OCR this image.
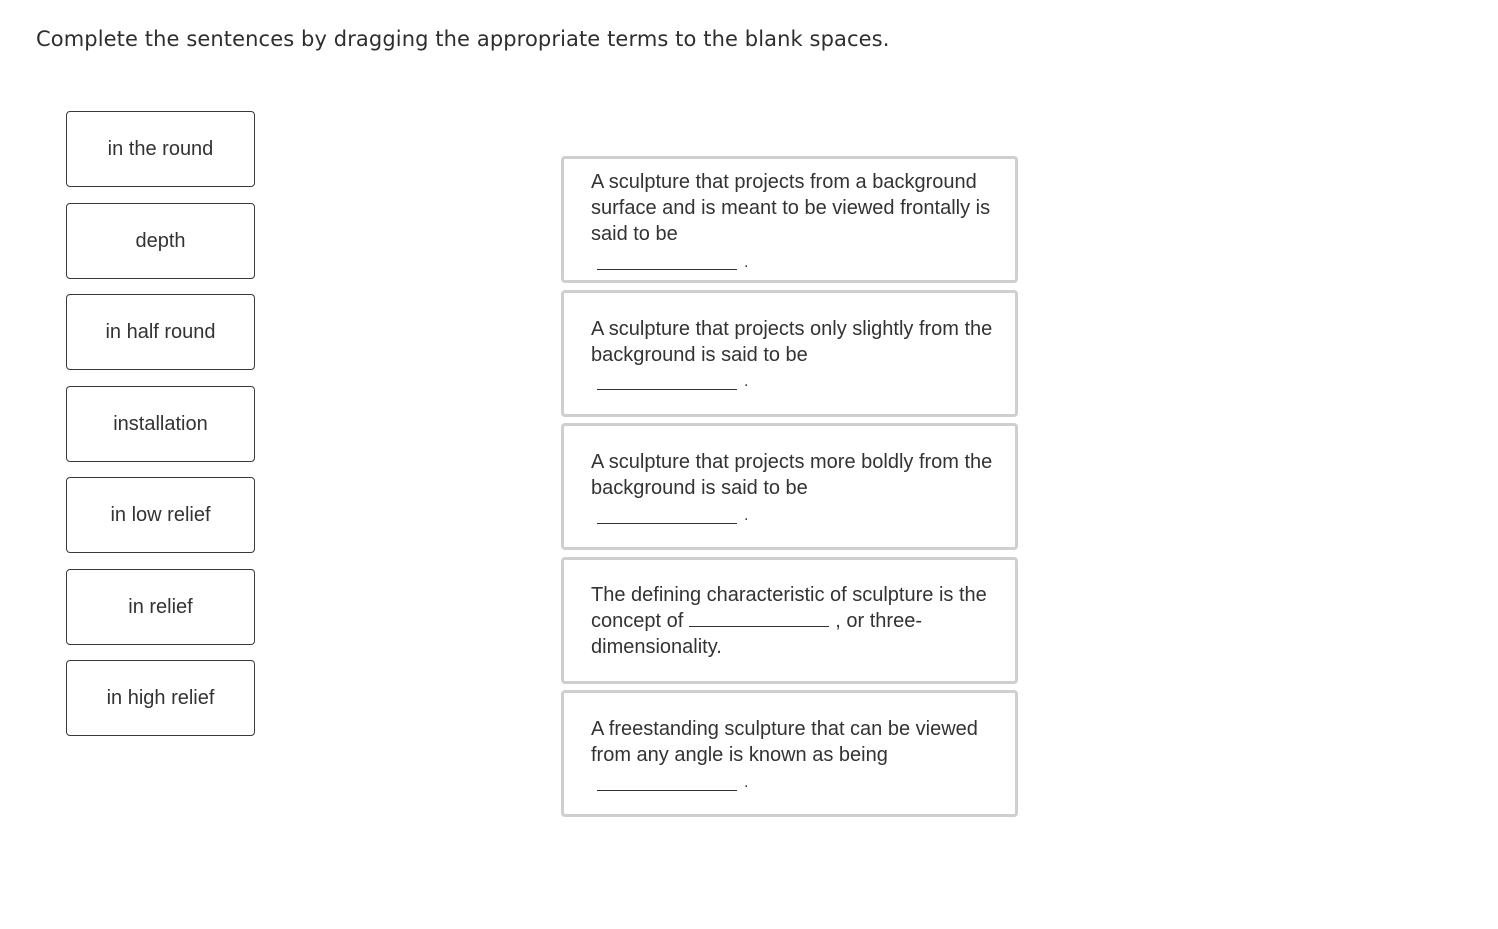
Complete the sentences by dragging the appropriate terms to the blank spaces.
in the round
depth
in half round
installation
in low relief
in relief
in high relief
A sculpture that projects from a background surface and is meant to be viewed frontally is said to be
.
A sculpture that projects only slightly from the background is said to be
.
A sculpture that projects more boldly from the background is said to be
.
The defining characteristic of sculpture is the concept of	, or three-dimensionality.
A freestanding sculpture that can be viewed from any angle is known as being
.
